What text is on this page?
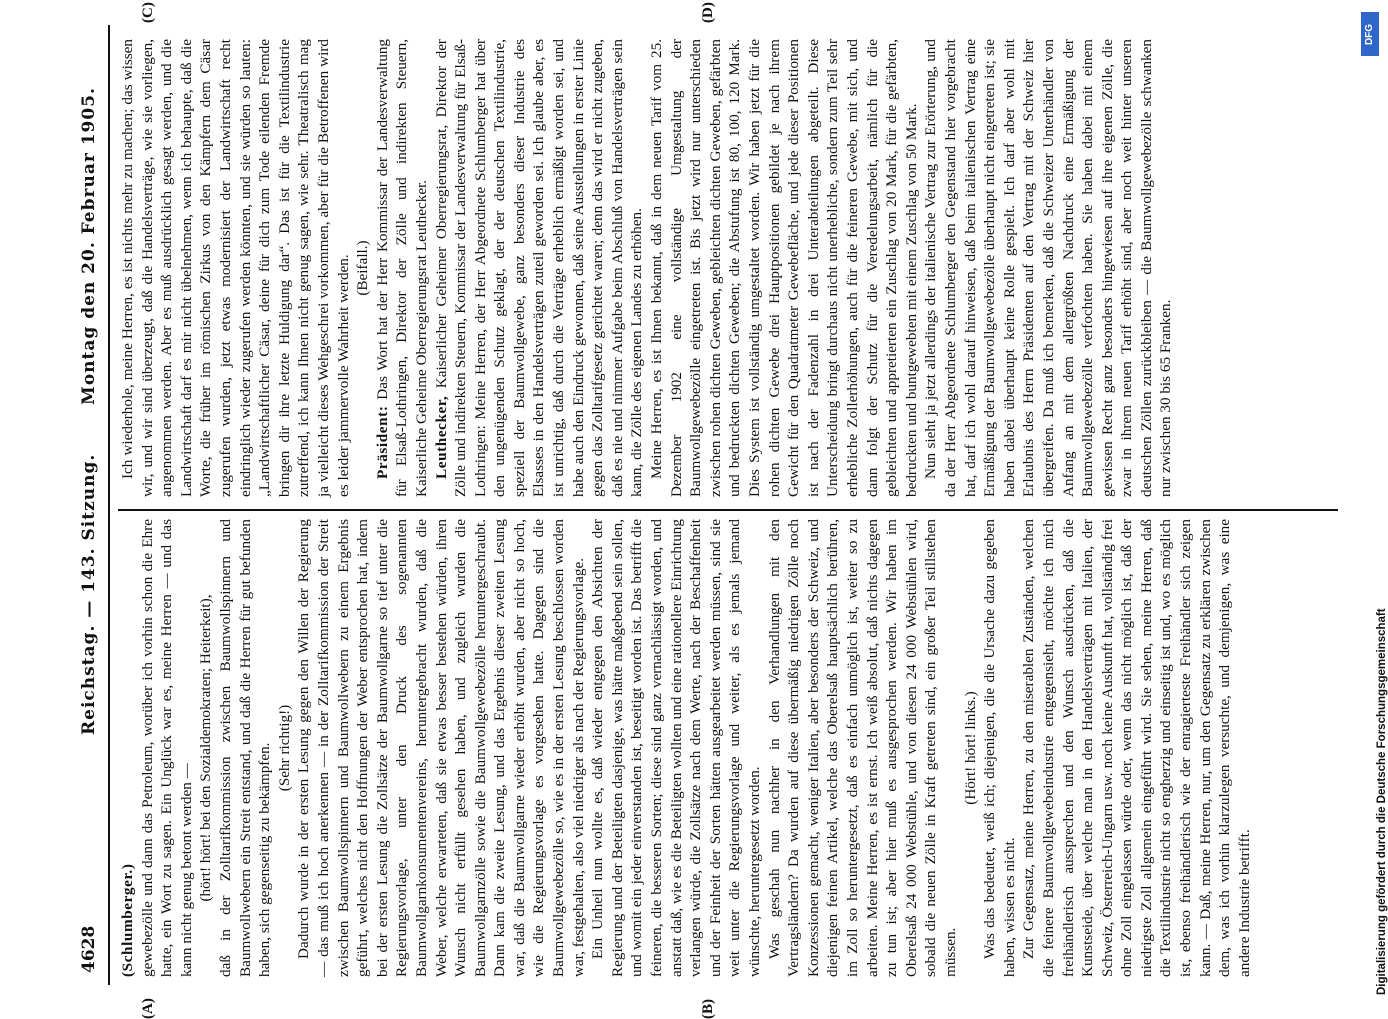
4628
Reichstag. — 143. Sitzung.
Montag den 20. Februar 1905.
(A)	(B)
(C)	(D)

(Schlumberger.) gewebezölle und dann das Petroleum, worüber ich vorhin schon die Ehre hatte, ein Wort zu sagen. Ein Unglück war es, meine Herren — und das kann nicht genug betont werden — (hört! hört! bei den Sozialdemokraten; Heiterkeit), daß in der Zolltarifkommission zwischen Baumwollspinnern und Baumwollwebern ein Streit entstand, und daß die Herren für gut befunden haben, sich gegenseitig zu bekämpfen. (Sehr richtig!) Dadurch wurde in der ersten Lesung gegen den Willen der Regierung — das muß ich hoch anerkennen — in der Zolltarifkommission der Streit zwischen Baumwollspinnern und Baumwollwebern zu einem Ergebnis geführt, welches nicht den Hoffnungen der Weber entsprochen hat, indem bei der ersten Lesung die Zollsätze der Baumwollgarne so tief unter die Regierungsvorlage, unter den Druck des sogenannten Baumwollgarnkonsumentenvereins, heruntergebracht wurden, daß die Weber, welche erwarteten, daß sie etwas besser bestehen würden, ihren Wunsch nicht erfüllt gesehen haben, und zugleich wurden die Baumwollgarnzölle sowie die Baumwollgewebezölle heruntergeschraubt. Dann kam die zweite Lesung, und das Ergebnis dieser zweiten Lesung war, daß die Baumwollgarne wieder erhöht wurden, aber nicht so hoch, wie die Regierungsvorlage es vorgesehen hatte. Dagegen sind die Baumwollgewebezölle so, wie es in der ersten Lesung beschlossen worden war, festgehalten, also viel niedriger als nach der Regierungsvorlage. Ein Unheil nun wollte es, daß wieder entgegen den Absichten der Regierung und der Beteiligten dasjenige, was hätte maßgebend sein sollen, und womit ein jeder einverstanden ist, beseitigt worden ist. Das betrifft die feineren, die besseren Sorten; diese sind ganz vernachlässigt worden, und anstatt daß, wie es die Beteiligten wollten und eine rationellere Einrichtung verlangen würde, die Zollsätze nach dem Werte, nach der Beschaffenheit und der Feinheit der Sorten hätten ausgearbeitet werden müssen, sind sie weit unter die Regierungsvorlage und weiter, als es jemals jemand wünschte, heruntergesetzt worden. Was geschah nun nachher in den Verhandlungen mit den Vertragsländern? Da wurden auf diese übermäßig niedrigen Zölle noch Konzessionen gemacht, weniger Italien, aber besonders der Schweiz, und diejenigen feinen Artikel, welche das Oberelsaß hauptsächlich berühren, im Zoll so heruntergesetzt, daß es einfach unmöglich ist, weiter so zu arbeiten. Meine Herren, es ist ernst. Ich weiß absolut, daß nichts dagegen zu tun ist; aber hier muß es ausgesprochen werden. Wir haben im Oberelsaß 24 000 Webstühle, und von diesen 24 000 Webstühlen wird, sobald die neuen Zölle in Kraft getreten sind, ein großer Teil stillstehen müssen.

(Hört! hört! links.) Was das bedeutet, weiß ich; diejenigen, die die Ursache dazu gegeben haben, wissen es nicht. Zur Gegensatz, meine Herren, zu den miserablen Zuständen, welchen die feinere Baumwollgewebeindustrie entgegensieht, möchte ich mich freihändlerisch aussprechen und den Wunsch ausdrücken, daß die Kunstseide, über welche man in den Handelsverträgen mit Italien, der Schweiz, Österreich-Ungarn usw. noch keine Auskunft hat, vollständig frei ohne Zoll eingelassen würde oder, wenn das nicht möglich ist, daß der niedrigste Zoll allgemein eingeführt wird. Sie sehen, meine Herren, daß die Textilindustrie nicht so engherzig und einseitig ist und, wo es möglich ist, ebenso freihändlerisch wie der enragierteste Freihändler sich zeigen kann. — Daß, meine Herren, nur, um den Gegensatz zu erklären zwischen dem, was ich vorhin klarzulegen versuchte, und demjenigen, was eine andere Industrie betrifft.

Ich wiederhole, meine Herren, es ist nichts mehr zu machen; das wissen wir, und wir sind überzeugt, daß die Handelsverträge, wie sie vorliegen, angenommen werden. Aber es muß ausdrücklich gesagt werden, und die Landwirtschaft darf es mir nicht übelnehmen, wenn ich behaupte, daß die Worte, die früher im römischen Zirkus von den Kämpfern dem Cäsar zugerufen wurden, jetzt etwas modernisiert der Landwirtschaft recht eindringlich wieder zugerufen werden könnten, und sie würden so lauten: „Landwirtschaftlicher Cäsar, deine für dich zum Tode eilenden Fremde bringen dir ihre letzte Huldigung dar“. Das ist für die Textilindustrie zutreffend, ich kann Ihnen nicht genug sagen, wie sehr. Theatralisch mag ja vielleicht dieses Wehgeschrei vorkommen, aber für die Betroffenen wird es leider jammervolle Wahrheit werden. (Beifall.)

Präsident: Das Wort hat der Herr Kommissar der Landesverwaltung für Elsaß-Lothringen, Direktor der Zölle und indirekten Steuern, Kaiserliche Geheime Oberregierungsrat Leuthecker. Leuthecker, Kaiserlicher Geheimer Oberregierungsrat, Direktor der Zölle und indirekten Steuern, Kommissar der Landesverwaltung für Elsaß-Lothringen: Meine Herren, der Herr Abgeordnete Schlumberger hat über den ungenügenden Schutz geklagt, der der deutschen Textilindustrie, speziell der Baumwollgewebe, ganz besonders dieser Industrie des Elsasses in den Handelsverträgen zuteil geworden sei. Ich glaube aber, es ist unrichtig, daß durch die Verträge erheblich ermäßigt worden sei, und habe auch den Eindruck gewonnen, daß seine Ausstellungen in erster Linie gegen das Zolltarifgesetz gerichtet waren; denn das wird er nicht zugeben, daß es nie und nimmer Aufgabe beim Abschluß von Handelsverträgen sein kann, die Zölle des eigenen Landes zu erhöhen. Meine Herren, es ist Ihnen bekannt, daß in dem neuen Tarif vom 25. Dezember 1902 eine vollständige Umgestaltung der Baumwollgewebezölle eingetreten ist. Bis jetzt wird nur unterschieden zwischen rohen dichten Geweben, gebleichten dichten Geweben, gefärbten und bedruckten dichten Geweben; die Abstufung ist 80, 100, 120 Mark. Dies System ist vollständig umgestaltet worden. Wir haben jetzt für die rohen dichten Gewebe drei Hauptpositionen gebildet je nach ihrem Gewicht für den Quadratmeter Gewebefläche, und jede dieser Positionen ist nach der Fadenzahl in drei Unterabteilungen abgeteilt. Diese Unterscheidung bringt durchaus nicht unerhebliche, sondern zum Teil sehr erhebliche Zollerhöhungen, auch für die feineren Gewebe, mit sich, und dann folgt der Schutz für die Veredelungsarbeit, nämlich für die gebleichten und appretierten ein Zuschlag von 20 Mark, für die gefärbten, bedruckten und buntgewebten mit einem Zuschlag von 50 Mark. Nun sieht ja jetzt allerdings der italienische Vertrag zur Erörterung, und da der Herr Abgeordnete Schlumberger den Gegenstand hier vorgebracht hat, darf ich wohl darauf hinweisen, daß beim italienischen Vertrag eine Ermäßigung der Baumwollgewebezölle überhaupt nicht eingetreten ist; sie haben dabei überhaupt keine Rolle gespielt. Ich darf aber wohl mit Erlaubnis des Herrn Präsidenten auf den Vertrag mit der Schweiz hier übergreifen. Da muß ich bemerken, daß die Schweizer Unterhändler von Anfang an mit dem allergrößten Nachdruck eine Ermäßigung der Baumwollgewebezölle verfochten haben. Sie haben dabei mit einem gewissen Recht ganz besonders hingewiesen auf ihre eigenen Zölle, die zwar in ihrem neuen Tarif erhöht sind, aber noch weit hinter unseren deutschen Zöllen zurückbleiben — die Baumwollgewebezölle schwanken nur zwischen 30 bis 65 Franken.

DFG
Digitalisierung gefördert durch die Deutsche Forschungsgemeinschaft
